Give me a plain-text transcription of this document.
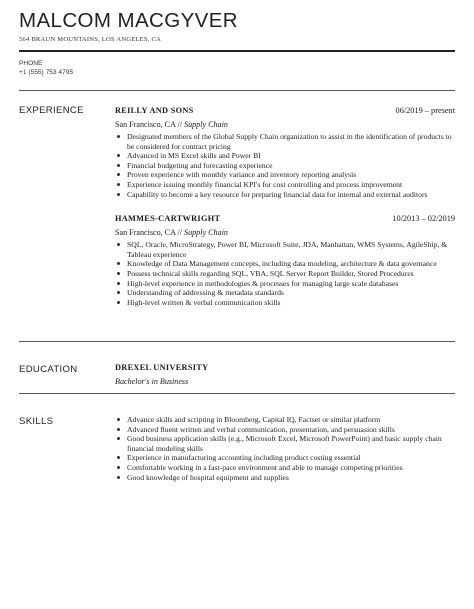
MALCOM MACGYVER
564 BRAUN MOUNTAINS, LOS ANGELES, CA
PHONE
+1 (555) 753 4795
EXPERIENCE	REILLY AND SONS	06/2019 – present
San Francisco, CA // Supply Chain
Designated members of the Global Supply Chain organization to assist in the identification of products to be considered for contract pricing
Advanced in MS Excel skills and Power BI
Financial budgeting and forecasting experience
Proven experience with monthly variance and inventory reporting analysis
Experience issuing monthly financial KPI's for cost controlling and process improvement
Capability to become a key resource for preparing financial data for internal and external auditors
HAMMES-CARTWRIGHT	10/2013 – 02/2019
San Francisco, CA // Supply Chain
SQL, Oracle, MicroStrategy, Power BI, Microsoft Suite, JDA, Manhattan, WMS Systems, AgileShip, & Tableau experience
Knowledge of Data Management concepts, including data modeling, architecture & data governance
Possess technical skills regarding SQL, VBA, SQL Server Report Builder, Stored Procedures
High-level experience in methodologies & processes for managing large scale databases
Understanding of addressing & metadata standards
High-level written & verbal communication skills
EDUCATION	DREXEL UNIVERSITY
Bachelor's in Business
SKILLS	Advance skills and scripting in Bloomberg, Capital IQ, Factset or similar platform
Advanced fluent written and verbal communication, presentation, and persuasion skills
Good business application skills (e.g., Microsoft Excel, Microsoft PowerPoint) and basic supply chain financial modeling skills
Experience in manufacturing accounting including product costing essential
Comfortable working in a fast-pace environment and able to manage competing priorities
Good knowledge of hospital equipment and supplies
